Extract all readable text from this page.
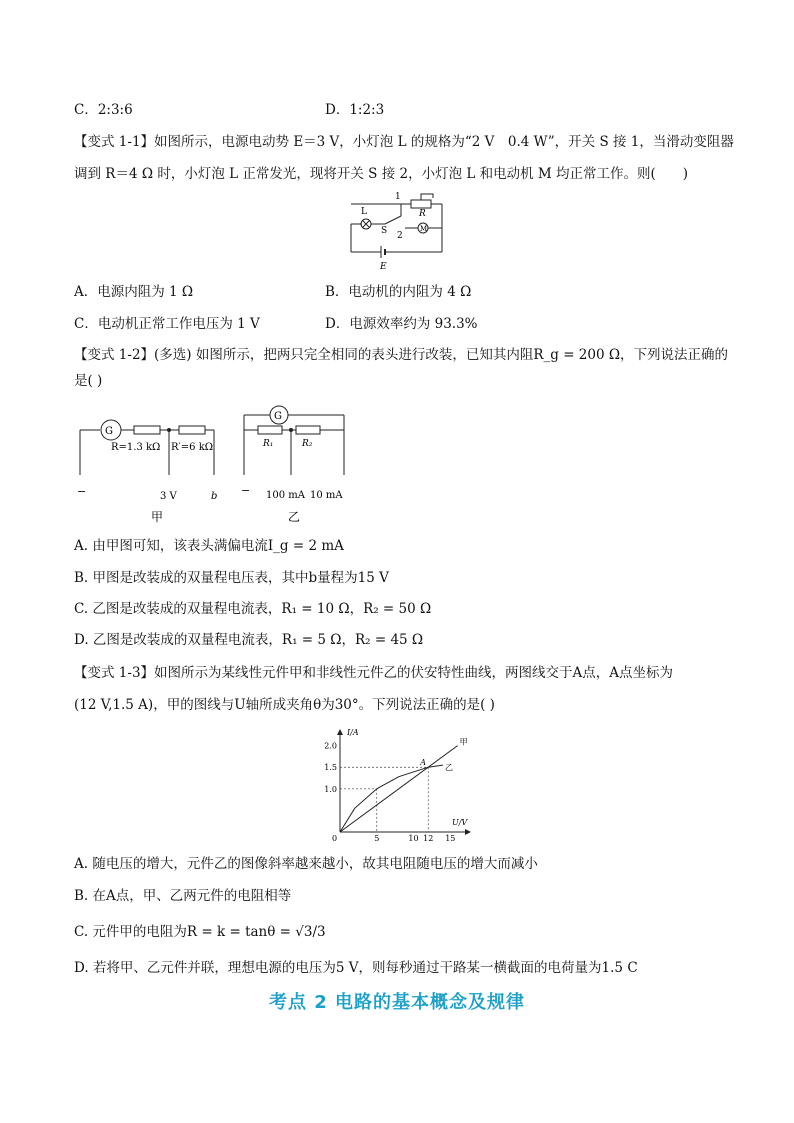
C．2:3:6	D．1:2:3
【变式 1-1】如图所示，电源电动势 E＝3 V，小灯泡 L 的规格为“2 V　0.4 W”，开关 S 接 1，当滑动变阻器
调到 R＝4 Ω 时，小灯泡 L 正常发光，现将开关 S 接 2，小灯泡 L 和电动机 M 均正常工作。则(　　)
L
S
1
2
R
M
E
A．电源内阻为 1 Ω	B．电动机的内阻为 4 Ω
C．电动机正常工作电压为 1 V	D．电源效率约为 93.3%
【变式 1-2】(多选) 如图所示，把两只完全相同的表头进行改装，已知其内阻R_g = 200 Ω，下列说法正确的
是( )
G
R=1.3 kΩ R′=6 kΩ
−	3 V	b
甲
G
R₁	R₂
− 100 mA 10 mA
乙
A. 由甲图可知，该表头满偏电流I_g = 2 mA
B. 甲图是改装成的双量程电压表，其中b量程为15 V
C. 乙图是改装成的双量程电流表，R₁ = 10 Ω，R₂ = 50 Ω
D. 乙图是改装成的双量程电流表，R₁ = 5 Ω，R₂ = 45 Ω
【变式 1-3】如图所示为某线性元件甲和非线性元件乙的伏安特性曲线，两图线交于A点，A点坐标为
(12 V,1.5 A)，甲的图线与U轴所成夹角θ为30°。下列说法正确的是( )
甲
乙
A
5	10 12 15
1.0
1.5
2.0
I/A
U/V
0
A. 随电压的增大，元件乙的图像斜率越来越小，故其电阻随电压的增大而减小
B. 在A点，甲、乙两元件的电阻相等
C. 元件甲的电阻为R = k = tanθ = √3/3
D. 若将甲、乙元件并联，理想电源的电压为5 V，则每秒通过干路某一横截面的电荷量为1.5 C
考点 2 电路的基本概念及规律
